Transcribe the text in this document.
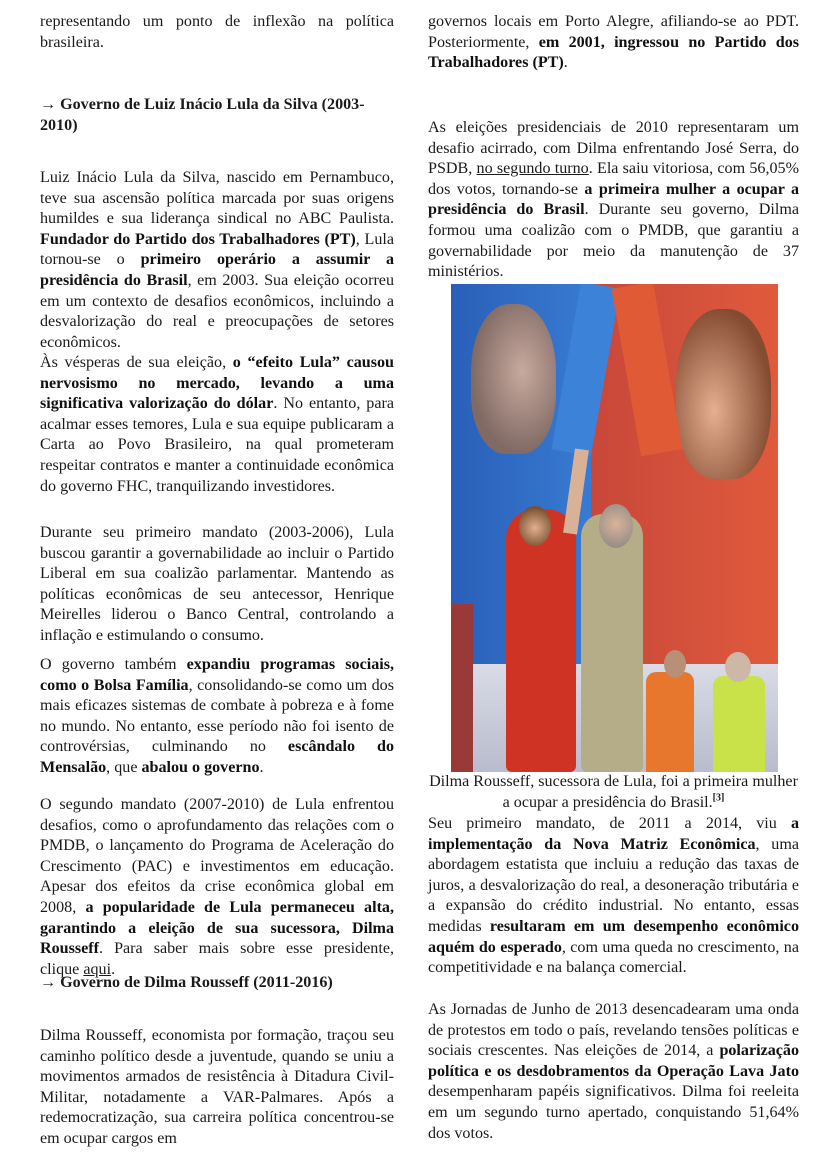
representando um ponto de inflexão na política brasileira.

→ Governo de Luiz Inácio Lula da Silva (2003-2010)

Luiz Inácio Lula da Silva, nascido em Pernambuco, teve sua ascensão política marcada por suas origens humildes e sua liderança sindical no ABC Paulista. Fundador do Partido dos Trabalhadores (PT), Lula tornou-se o primeiro operário a assumir a presidência do Brasil, em 2003. Sua eleição ocorreu em um contexto de desafios econômicos, incluindo a desvalorização do real e preocupações de setores econômicos.

Às vésperas de sua eleição, o “efeito Lula” causou nervosismo no mercado, levando a uma significativa valorização do dólar. No entanto, para acalmar esses temores, Lula e sua equipe publicaram a Carta ao Povo Brasileiro, na qual prometeram respeitar contratos e manter a continuidade econômica do governo FHC, tranquilizando investidores.

Durante seu primeiro mandato (2003-2006), Lula buscou garantir a governabilidade ao incluir o Partido Liberal em sua coalizão parlamentar. Mantendo as políticas econômicas de seu antecessor, Henrique Meirelles liderou o Banco Central, controlando a inflação e estimulando o consumo.

O governo também expandiu programas sociais, como o Bolsa Família, consolidando-se como um dos mais eficazes sistemas de combate à pobreza e à fome no mundo. No entanto, esse período não foi isento de controvérsias, culminando no escândalo do Mensalão, que abalou o governo.

O segundo mandato (2007-2010) de Lula enfrentou desafios, como o aprofundamento das relações com o PMDB, o lançamento do Programa de Aceleração do Crescimento (PAC) e investimentos em educação. Apesar dos efeitos da crise econômica global em 2008, a popularidade de Lula permaneceu alta, garantindo a eleição de sua sucessora, Dilma Rousseff. Para saber mais sobre esse presidente, clique aqui.

→ Governo de Dilma Rousseff (2011-2016)

Dilma Rousseff, economista por formação, traçou seu caminho político desde a juventude, quando se uniu a movimentos armados de resistência à Ditadura Civil-Militar, notadamente a VAR-Palmares. Após a redemocratização, sua carreira política concentrou-se em ocupar cargos em

governos locais em Porto Alegre, afiliando-se ao PDT. Posteriormente, em 2001, ingressou no Partido dos Trabalhadores (PT).

As eleições presidenciais de 2010 representaram um desafio acirrado, com Dilma enfrentando José Serra, do PSDB, no segundo turno. Ela saiu vitoriosa, com 56,05% dos votos, tornando-se a primeira mulher a ocupar a presidência do Brasil. Durante seu governo, Dilma formou uma coalizão com o PMDB, que garantiu a governabilidade por meio da manutenção de 37 ministérios.

Dilma Rousseff, sucessora de Lula, foi a primeira mulher a ocupar a presidência do Brasil.[3]

Seu primeiro mandato, de 2011 a 2014, viu a implementação da Nova Matriz Econômica, uma abordagem estatista que incluiu a redução das taxas de juros, a desvalorização do real, a desoneração tributária e a expansão do crédito industrial. No entanto, essas medidas resultaram em um desempenho econômico aquém do esperado, com uma queda no crescimento, na competitividade e na balança comercial.

As Jornadas de Junho de 2013 desencadearam uma onda de protestos em todo o país, revelando tensões políticas e sociais crescentes. Nas eleições de 2014, a polarização política e os desdobramentos da Operação Lava Jato desempenharam papéis significativos. Dilma foi reeleita em um segundo turno apertado, conquistando 51,64% dos votos.
